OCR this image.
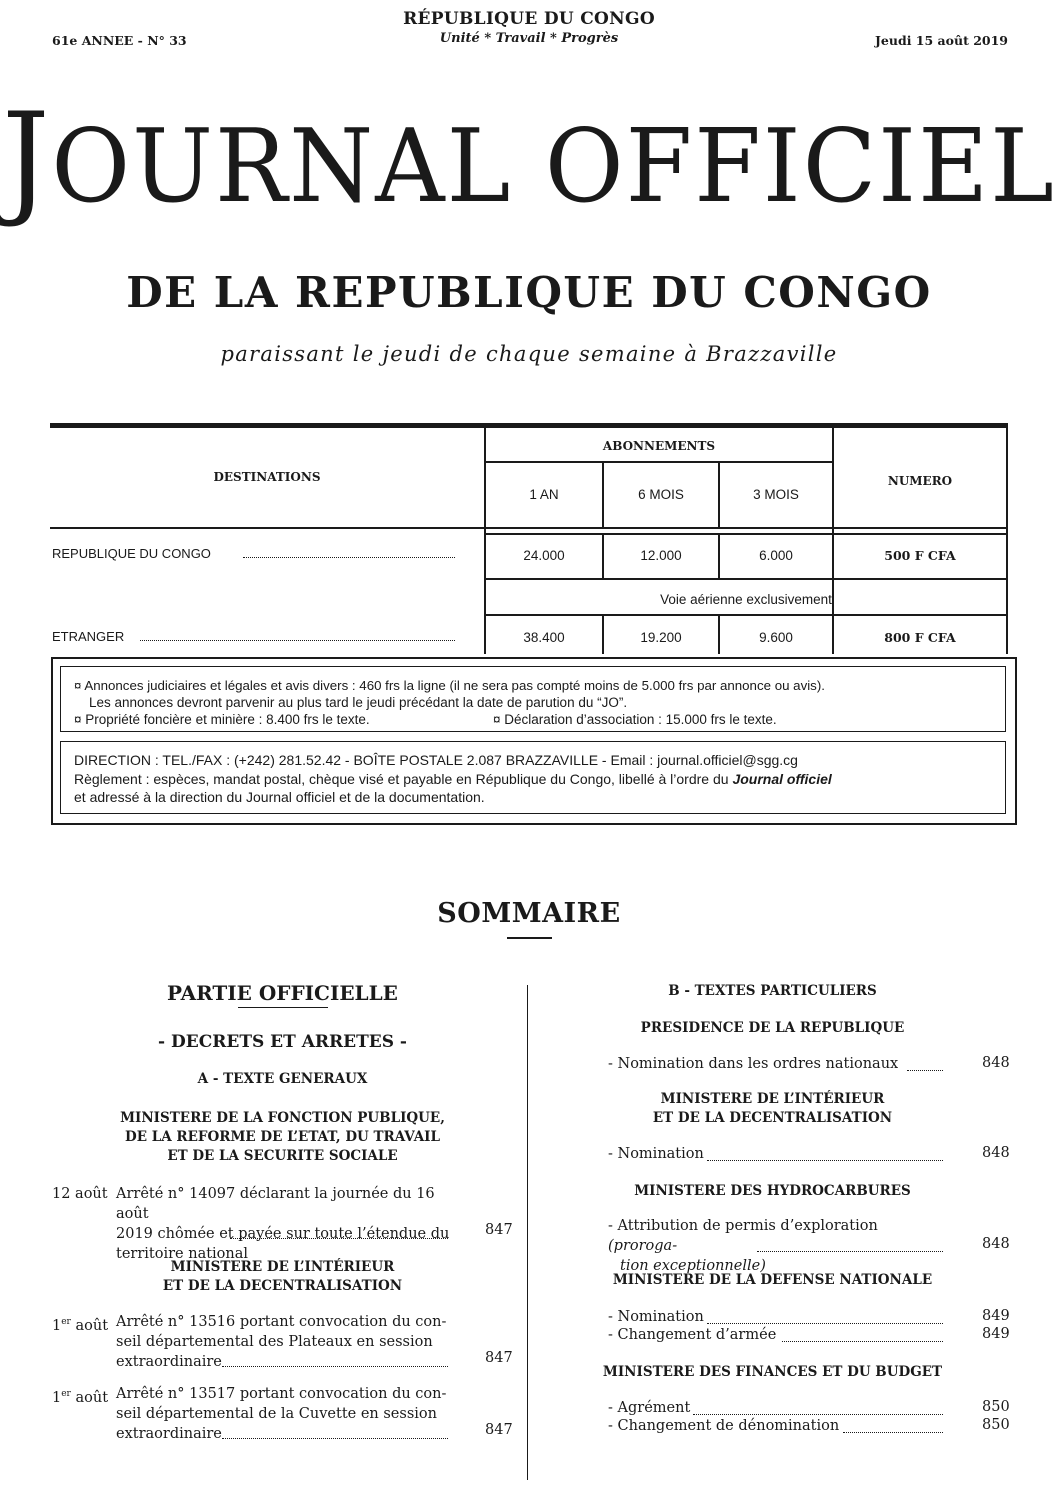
RÉPUBLIQUE DU CONGO
Unité * Travail * Progrès
61e ANNEE - N° 33	Jeudi 15 août 2019
JOURNAL OFFICIEL
DE LA REPUBLIQUE DU CONGO
paraissant le jeudi de chaque semaine à Brazzaville
DESTINATIONS
ABONNEMENTS
NUMERO
1 AN	6 MOIS	3 MOIS
REPUBLIQUE DU CONGO	24.000	12.000	6.000	500 F CFA
Voie aérienne exclusivement
ETRANGER	38.400	19.200	9.600	800 F CFA
¤ Annonces judiciaires et légales et avis divers : 460 frs la ligne (il ne sera pas compté moins de 5.000 frs par annonce ou avis).
Les annonces devront parvenir au plus tard le jeudi précédant la date de parution du “JO”.
¤ Propriété foncière et minière : 8.400 frs le texte.	¤ Déclaration d’association : 15.000 frs le texte.
DIRECTION : TEL./FAX : (+242) 281.52.42 - BOÎTE POSTALE 2.087 BRAZZAVILLE - Email : journal.officiel@sgg.cg
Règlement : espèces, mandat postal, chèque visé et payable en République du Congo, libellé à l’ordre du Journal officiel
et adressé à la direction du Journal officiel et de la documentation.
SOMMAIRE
PARTIE OFFICIELLE
- DECRETS ET ARRETES -
A - TEXTE GENERAUX
MINISTERE DE LA FONCTION PUBLIQUE,
DE LA REFORME DE L’ETAT, DU TRAVAIL
ET DE LA SECURITE SOCIALE
12 août Arrêté n° 14097 déclarant la journée du 16 août
2019 chômée et payée sur toute l’étendue du
territoire national
847
MINISTERE DE L’INTÉRIEUR
ET DE LA DECENTRALISATION
1er août Arrêté n° 13516 portant convocation du con-
seil départemental des Plateaux en session
extraordinaire	847
1er août Arrêté n° 13517 portant convocation du con-
seil départemental de la Cuvette en session
extraordinaire	847
B - TEXTES PARTICULIERS
PRESIDENCE DE LA REPUBLIQUE
- Nomination dans les ordres nationaux	848
MINISTERE DE L’INTÉRIEUR
ET DE LA DECENTRALISATION
- Nomination	848
MINISTERE DES HYDROCARBURES
- Attribution de permis d’exploration (proroga-
tion exceptionnelle)
848
MINISTERE DE LA DEFENSE NATIONALE
- Nomination	849
- Changement d’armée	849
MINISTERE DES FINANCES ET DU BUDGET
- Agrément	850
- Changement de dénomination	850
